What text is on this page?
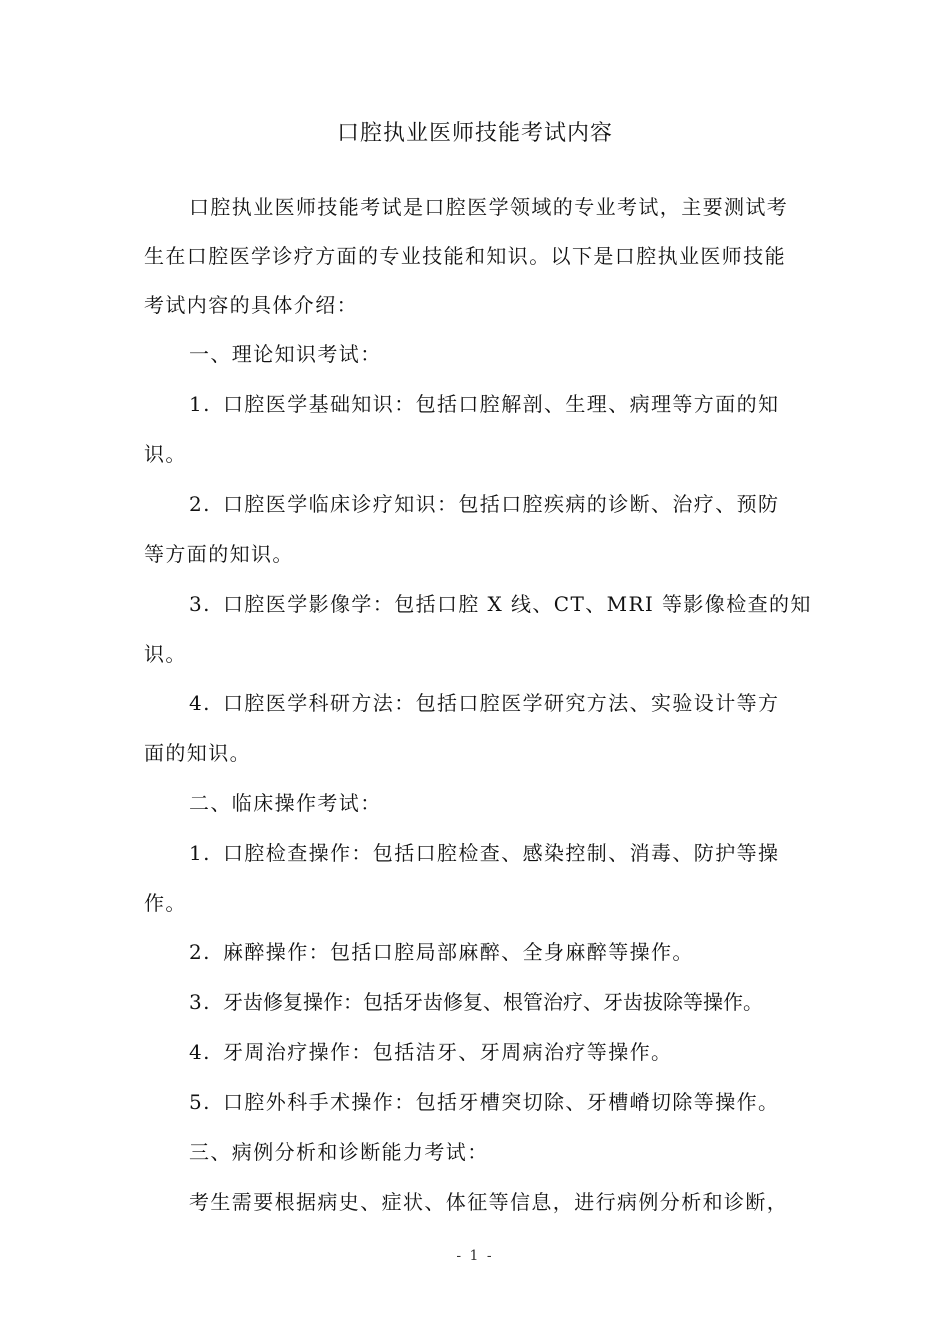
口腔执业医师技能考试内容
口腔执业医师技能考试是口腔医学领域的专业考试，主要测试考
生在口腔医学诊疗方面的专业技能和知识。以下是口腔执业医师技能
考试内容的具体介绍：
一、理论知识考试：
1. 口腔医学基础知识：包括口腔解剖、生理、病理等方面的知
识。
2. 口腔医学临床诊疗知识：包括口腔疾病的诊断、治疗、预防
等方面的知识。
3. 口腔医学影像学：包括口腔 X 线、CT、MRI 等影像检查的知
识。
4. 口腔医学科研方法：包括口腔医学研究方法、实验设计等方
面的知识。
二、临床操作考试：
1. 口腔检查操作：包括口腔检查、感染控制、消毒、防护等操
作。
2. 麻醉操作：包括口腔局部麻醉、全身麻醉等操作。
3. 牙齿修复操作：包括牙齿修复、根管治疗、牙齿拔除等操作。
4. 牙周治疗操作：包括洁牙、牙周病治疗等操作。
5. 口腔外科手术操作：包括牙槽突切除、牙槽嵴切除等操作。
三、病例分析和诊断能力考试：
考生需要根据病史、症状、体征等信息，进行病例分析和诊断，
- 1 -
